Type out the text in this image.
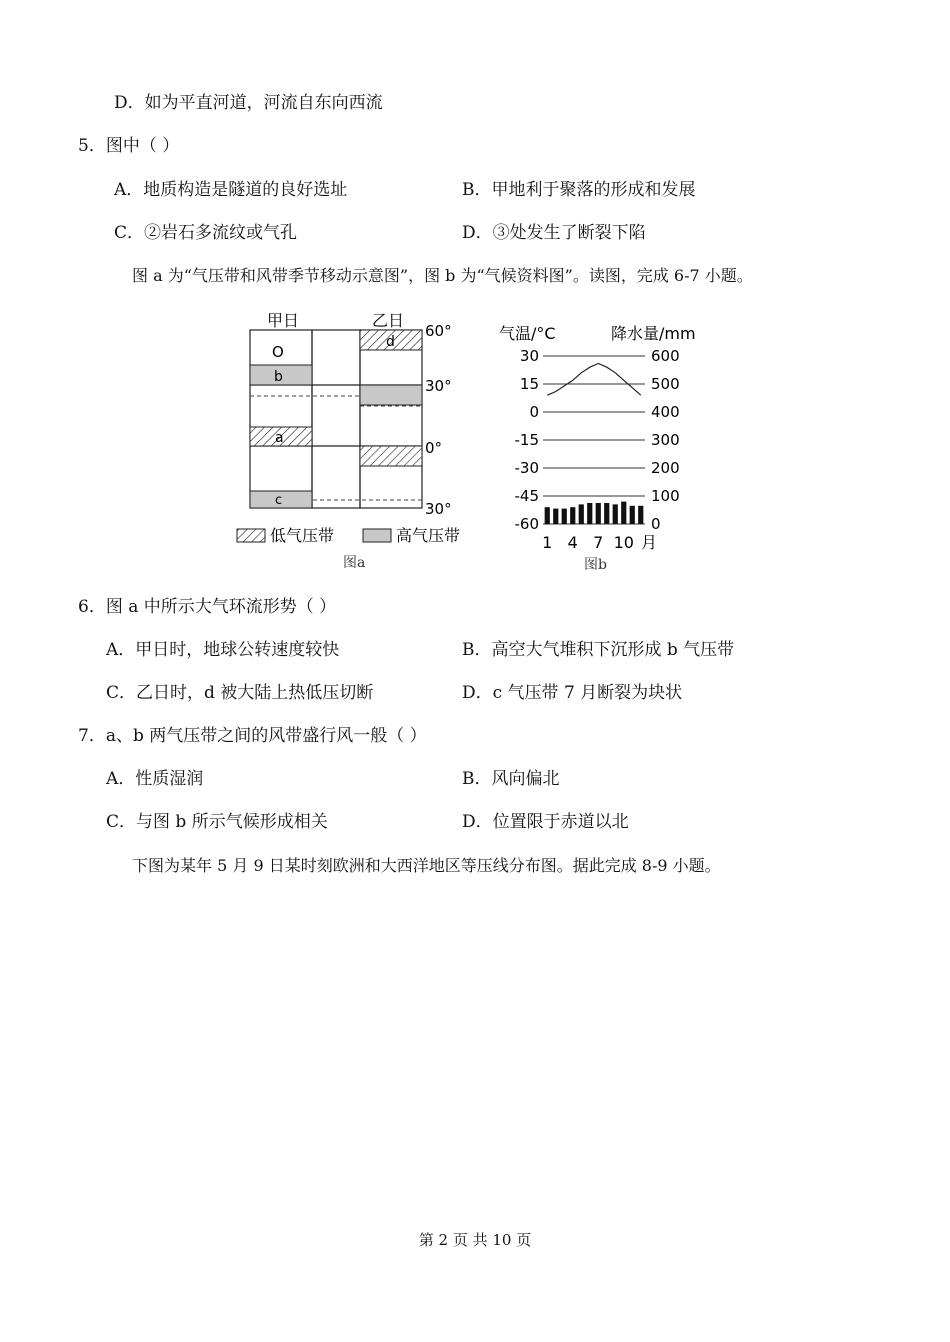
D．如为平直河道，河流自东向西流
5．图中（ ）
A．地质构造是隧道的良好选址	B．甲地利于聚落的形成和发展
C．②岩石多流纹或气孔	D．③处发生了断裂下陷
图 a 为“气压带和风带季节移动示意图”，图 b 为“气候资料图”。读图，完成 6-7 小题。
甲日	乙日
O
b
a
c
d
60°
30°
0°
30°
低气压带	高气压带
图a
气温/°C	降水量/mm
30
15
0
-15
-30
-45
-60
600
500
400
300
200
100
0
1 4 7 10 月
图b
6．图 a 中所示大气环流形势（ ）
A．甲日时，地球公转速度较快	B．高空大气堆积下沉形成 b 气压带
C．乙日时，d 被大陆上热低压切断	D．c 气压带 7 月断裂为块状
7．a、b 两气压带之间的风带盛行风一般（ ）
A．性质湿润	B．风向偏北
C．与图 b 所示气候形成相关	D．位置限于赤道以北
下图为某年 5 月 9 日某时刻欧洲和大西洋地区等压线分布图。据此完成 8-9 小题。
第 2 页 共 10 页
